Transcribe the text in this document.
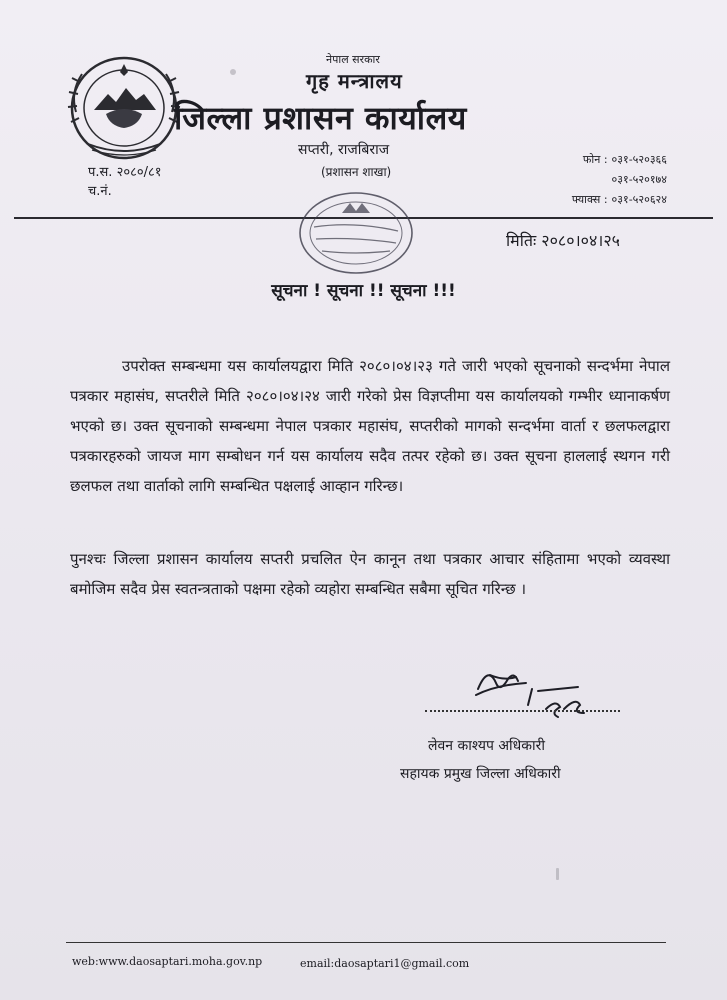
नेपाल सरकार
गृह मन्त्रालय
जिल्ला प्रशासन कार्यालय
सप्तरी, राजबिराज
(प्रशासन शाखा)
प.स. २०८०/८१
च.नं.
फोन : ०३१-५२०३६६
०३१-५२०१७४
फ्याक्स : ०३१-५२०६२४
मितिः २०८०।०४।२५
सूचना ! सूचना !! सूचना !!!
उपरोक्त सम्बन्धमा यस कार्यालयद्वारा मिति २०८०।०४।२३ गते जारी भएको सूचनाको सन्दर्भमा नेपाल पत्रकार महासंघ, सप्तरीले मिति २०८०।०४।२४ जारी गरेको प्रेस विज्ञप्तीमा यस कार्यालयको गम्भीर ध्यानाकर्षण भएको छ। उक्त सूचनाको सम्बन्धमा नेपाल पत्रकार महासंघ, सप्तरीको मागको सन्दर्भमा वार्ता र छलफलद्वारा पत्रकारहरुको जायज माग सम्बोधन गर्न यस कार्यालय सदैव तत्पर रहेको छ। उक्त सूचना हाललाई स्थगन गरी छलफल तथा वार्ताको लागि सम्बन्धित पक्षलाई आव्हान गरिन्छ।
पुनश्चः जिल्ला प्रशासन कार्यालय सप्तरी प्रचलित ऐन कानून तथा पत्रकार आचार संहितामा भएको व्यवस्था बमोजिम सदैव प्रेस स्वतन्त्रताको पक्षमा रहेको व्यहोरा सम्बन्धित सबैमा सूचित गरिन्छ ।
लेवन काश्यप अधिकारी
सहायक प्रमुख जिल्ला अधिकारी
web:www.daosaptari.moha.gov.np	email:daosaptari1@gmail.com
